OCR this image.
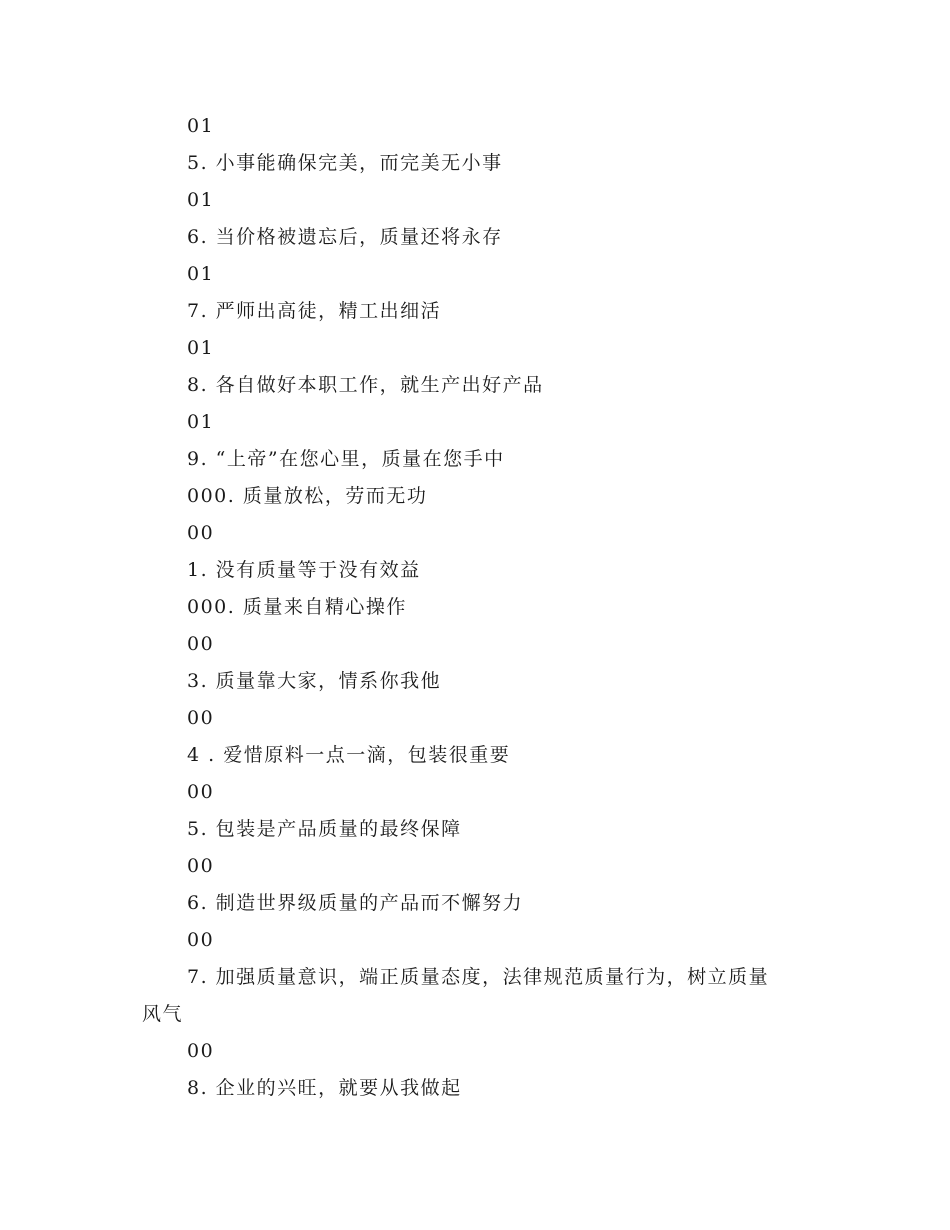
01
5. 小事能确保完美，而完美无小事
01
6. 当价格被遗忘后，质量还将永存
01
7. 严师出高徒，精工出细活
01
8. 各自做好本职工作，就生产出好产品
01
9. “上帝”在您心里，质量在您手中
000. 质量放松，劳而无功
00
1. 没有质量等于没有效益
000. 质量来自精心操作
00
3. 质量靠大家，情系你我他
00
4 . 爱惜原料一点一滴，包装很重要
00
5. 包装是产品质量的最终保障
00
6. 制造世界级质量的产品而不懈努力
00
7. 加强质量意识，端正质量态度，法律规范质量行为，树立质量
风气
00
8. 企业的兴旺，就要从我做起
